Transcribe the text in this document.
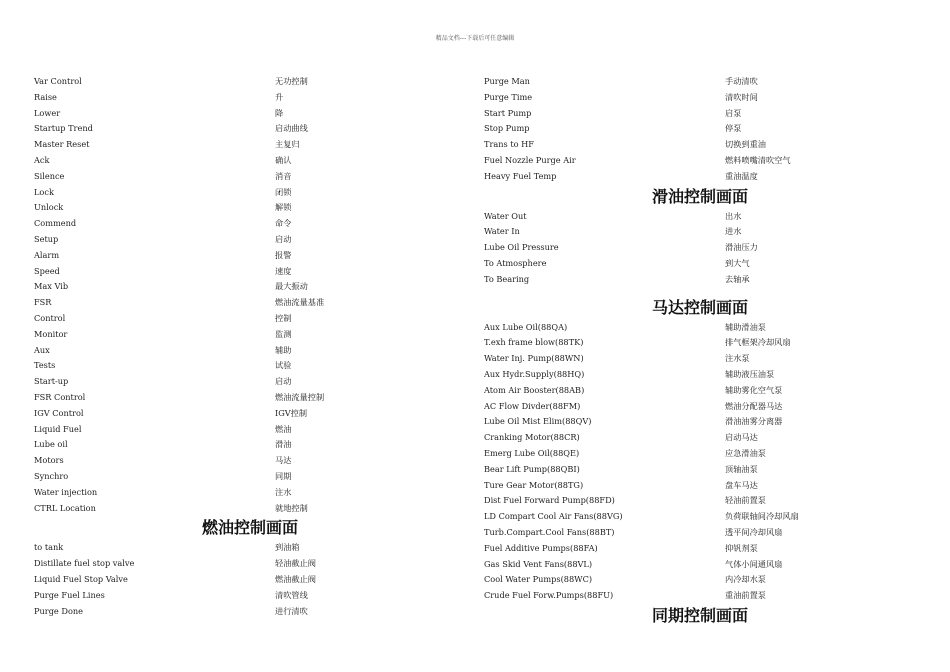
精品文档---下载后可任意编辑
Var Control	无功控制
Raise	升
Lower	降
Startup Trend	启动曲线
Master Reset	主复归
Ack	确认
Silence	消音
Lock	闭锁
Unlock	解锁
Commend	命令
Setup	启动
Alarm	报警
Speed	速度
Max Vib	最大振动
FSR	燃油流量基准
Control	控制
Monitor	监测
Aux	辅助
Tests	试验
Start-up	启动
FSR Control	燃油流量控制
IGV Control	IGV控制
Liquid Fuel	燃油
Lube oil	滑油
Motors	马达
Synchro	同期
Water injection	注水
CTRL Location	就地控制
燃油控制画面
to tank	到油箱
Distillate fuel stop valve	轻油截止阀
Liquid Fuel Stop Valve	燃油截止阀
Purge Fuel Lines	清吹管线
Purge Done	进行清吹
Purge Man	手动清吹
Purge Time	清吹时间
Start Pump	启泵
Stop Pump	停泵
Trans to HF	切换到重油
Fuel Nozzle Purge Air	燃料喷嘴清吹空气
Heavy Fuel Temp	重油温度
滑油控制画面
Water Out	出水
Water In	进水
Lube Oil Pressure	滑油压力
To Atmosphere	到大气
To Bearing	去轴承
马达控制画面
Aux Lube Oil(88QA)	辅助滑油泵
T.exh frame blow(88TK)	排气框架冷却风扇
Water Inj. Pump(88WN)	注水泵
Aux Hydr.Supply(88HQ)	辅助液压油泵
Atom Air Booster(88AB)	辅助雾化空气泵
AC Flow Divder(88FM)	燃油分配器马达
Lube Oil Mist Elim(88QV)	滑油油雾分离器
Cranking Motor(88CR)	启动马达
Emerg Lube Oil(88QE)	应急滑油泵
Bear Lift Pump(88QBI)	顶轴油泵
Ture Gear Motor(88TG)	盘车马达
Dist Fuel Forward Pump(88FD)	轻油前置泵
LD Compart Cool Air Fans(88VG)	负荷联轴间冷却风扇
Turb.Compart.Cool Fans(88BT)	透平间冷却风扇
Fuel Additive Pumps(88FA)	抑钒剂泵
Gas Skid Vent Fans(88VL)	气体小间通风扇
Cool Water Pumps(88WC)	内冷却水泵
Crude Fuel Forw.Pumps(88FU)	重油前置泵
同期控制画面
